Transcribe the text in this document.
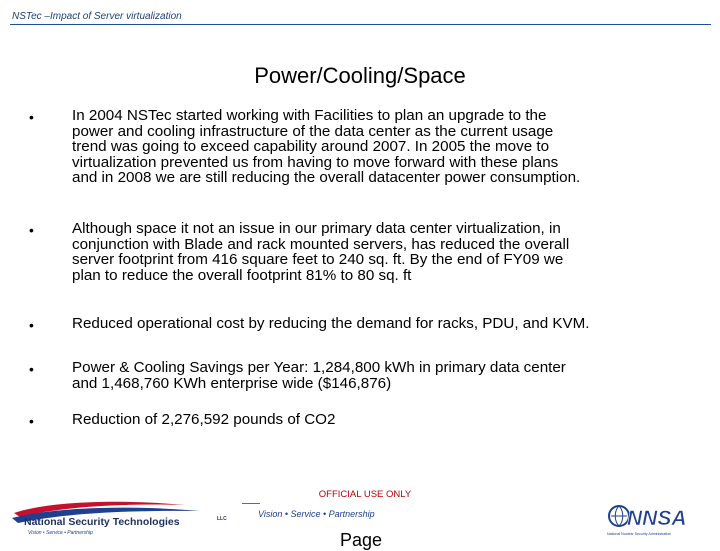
NSTec –Impact of Server virtualization
Power/Cooling/Space
•	In 2004 NSTec started working with Facilities to plan an upgrade to the
power and cooling infrastructure of the data center as the current usage
trend was going to exceed capability around 2007. In 2005 the move to
virtualization prevented us from having to move forward with these plans
and in 2008 we are still reducing the overall datacenter power consumption.
•	Although space it not an issue in our primary data center virtualization, in
conjunction with Blade and rack mounted servers, has reduced the overall
server footprint from 416 square feet to 240 sq. ft. By the end of FY09 we
plan to reduce the overall footprint 81% to 80 sq. ft
•	Reduced operational cost by reducing the demand for racks, PDU, and KVM.
•	Power & Cooling Savings per Year: 1,284,800 kWh in primary data center
and 1,468,760 KWh enterprise wide ($146,876)
•	Reduction of 2,276,592 pounds of CO2
OFFICIAL USE ONLY
National Security Technologies	LLC
Vision • Service • Partnership
Vision • Service • Partnership
Page
NNSA
National Nuclear Security Administration
